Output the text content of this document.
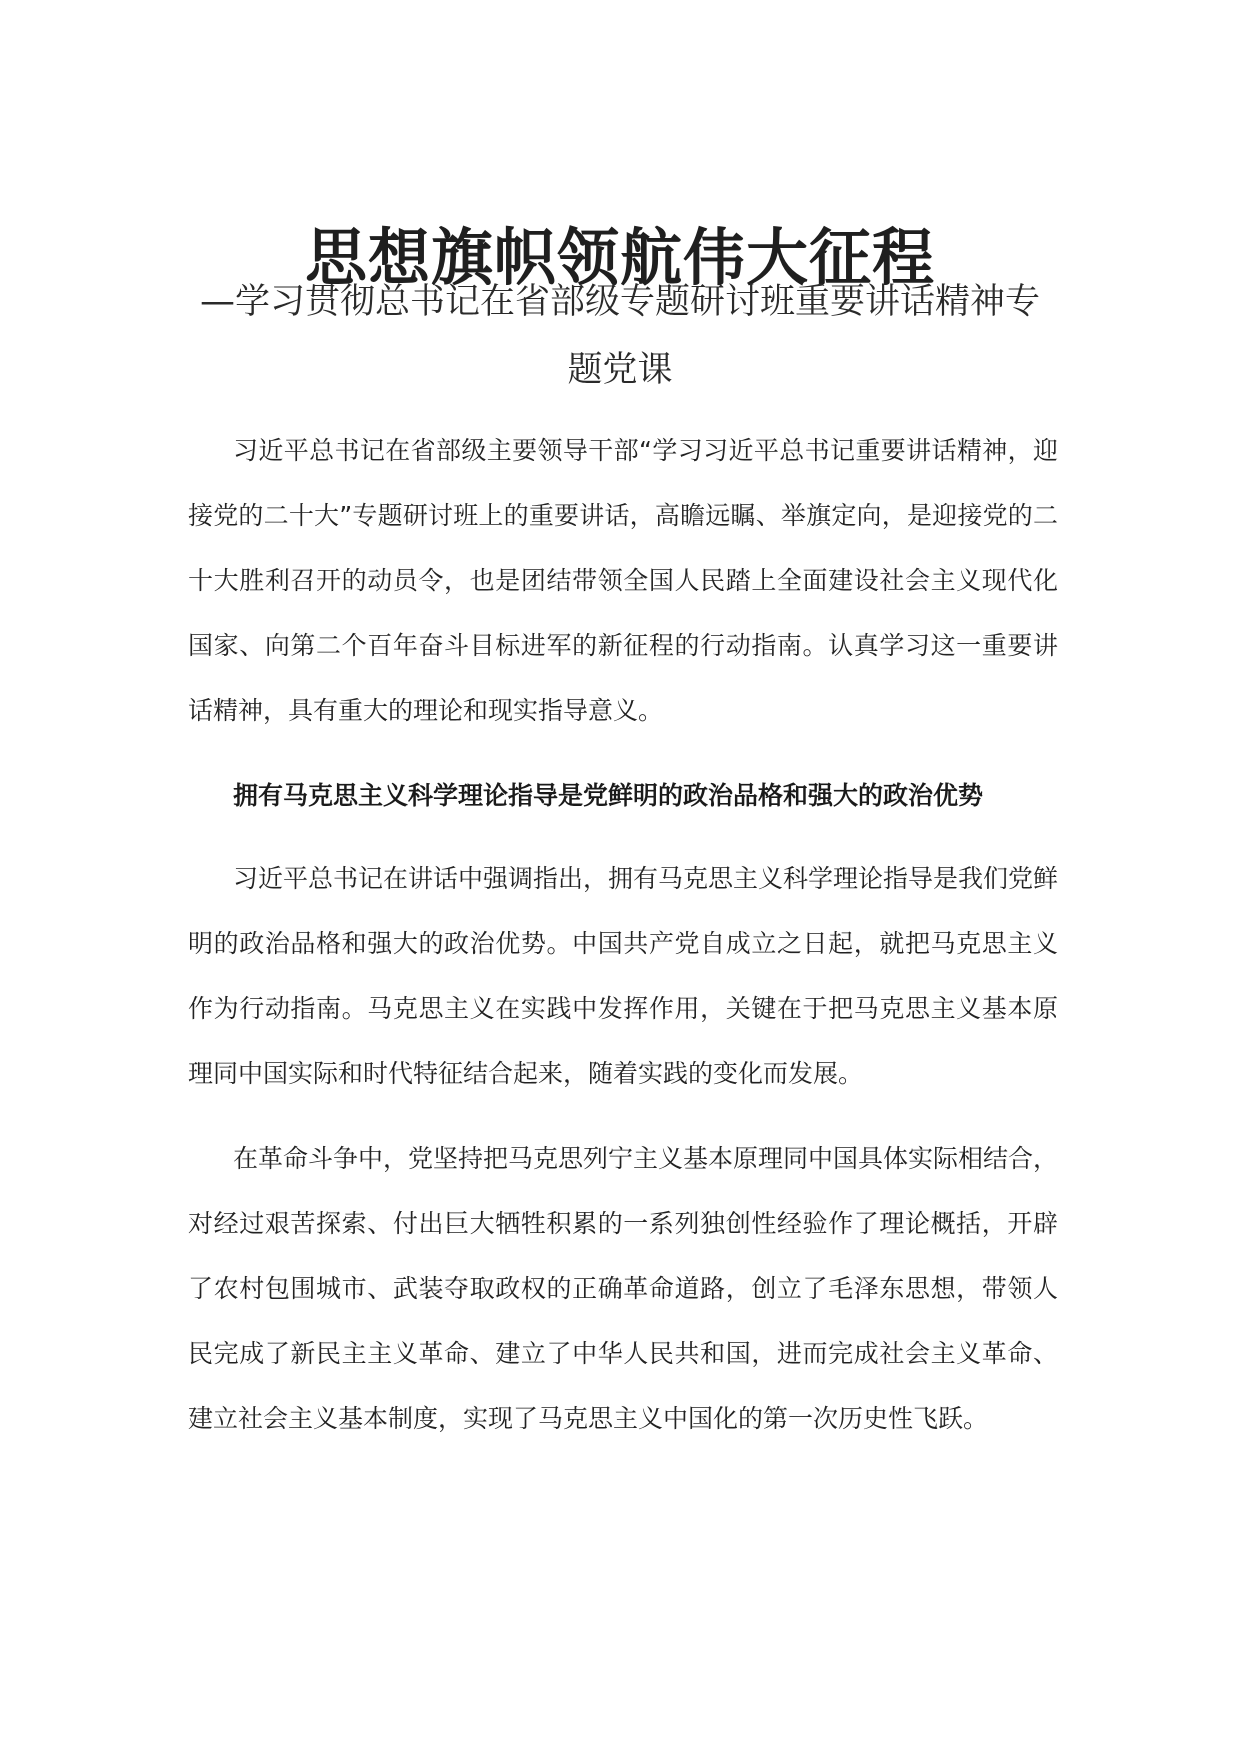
思想旗帜领航伟大征程
—学习贯彻总书记在省部级专题研讨班重要讲话精神专题党课

习近平总书记在省部级主要领导干部“学习习近平总书记重要讲话精神，迎接党的二十大”专题研讨班上的重要讲话，高瞻远瞩、举旗定向，是迎接党的二十大胜利召开的动员令，也是团结带领全国人民踏上全面建设社会主义现代化国家、向第二个百年奋斗目标进军的新征程的行动指南。认真学习这一重要讲话精神，具有重大的理论和现实指导意义。

拥有马克思主义科学理论指导是党鲜明的政治品格和强大的政治优势

习近平总书记在讲话中强调指出，拥有马克思主义科学理论指导是我们党鲜明的政治品格和强大的政治优势。中国共产党自成立之日起，就把马克思主义作为行动指南。马克思主义在实践中发挥作用，关键在于把马克思主义基本原理同中国实际和时代特征结合起来，随着实践的变化而发展。

在革命斗争中，党坚持把马克思列宁主义基本原理同中国具体实际相结合，对经过艰苦探索、付出巨大牺牲积累的一系列独创性经验作了理论概括，开辟了农村包围城市、武装夺取政权的正确革命道路，创立了毛泽东思想，带领人民完成了新民主主义革命、建立了中华人民共和国，进而完成社会主义革命、建立社会主义基本制度，实现了马克思主义中国化的第一次历史性飞跃。
